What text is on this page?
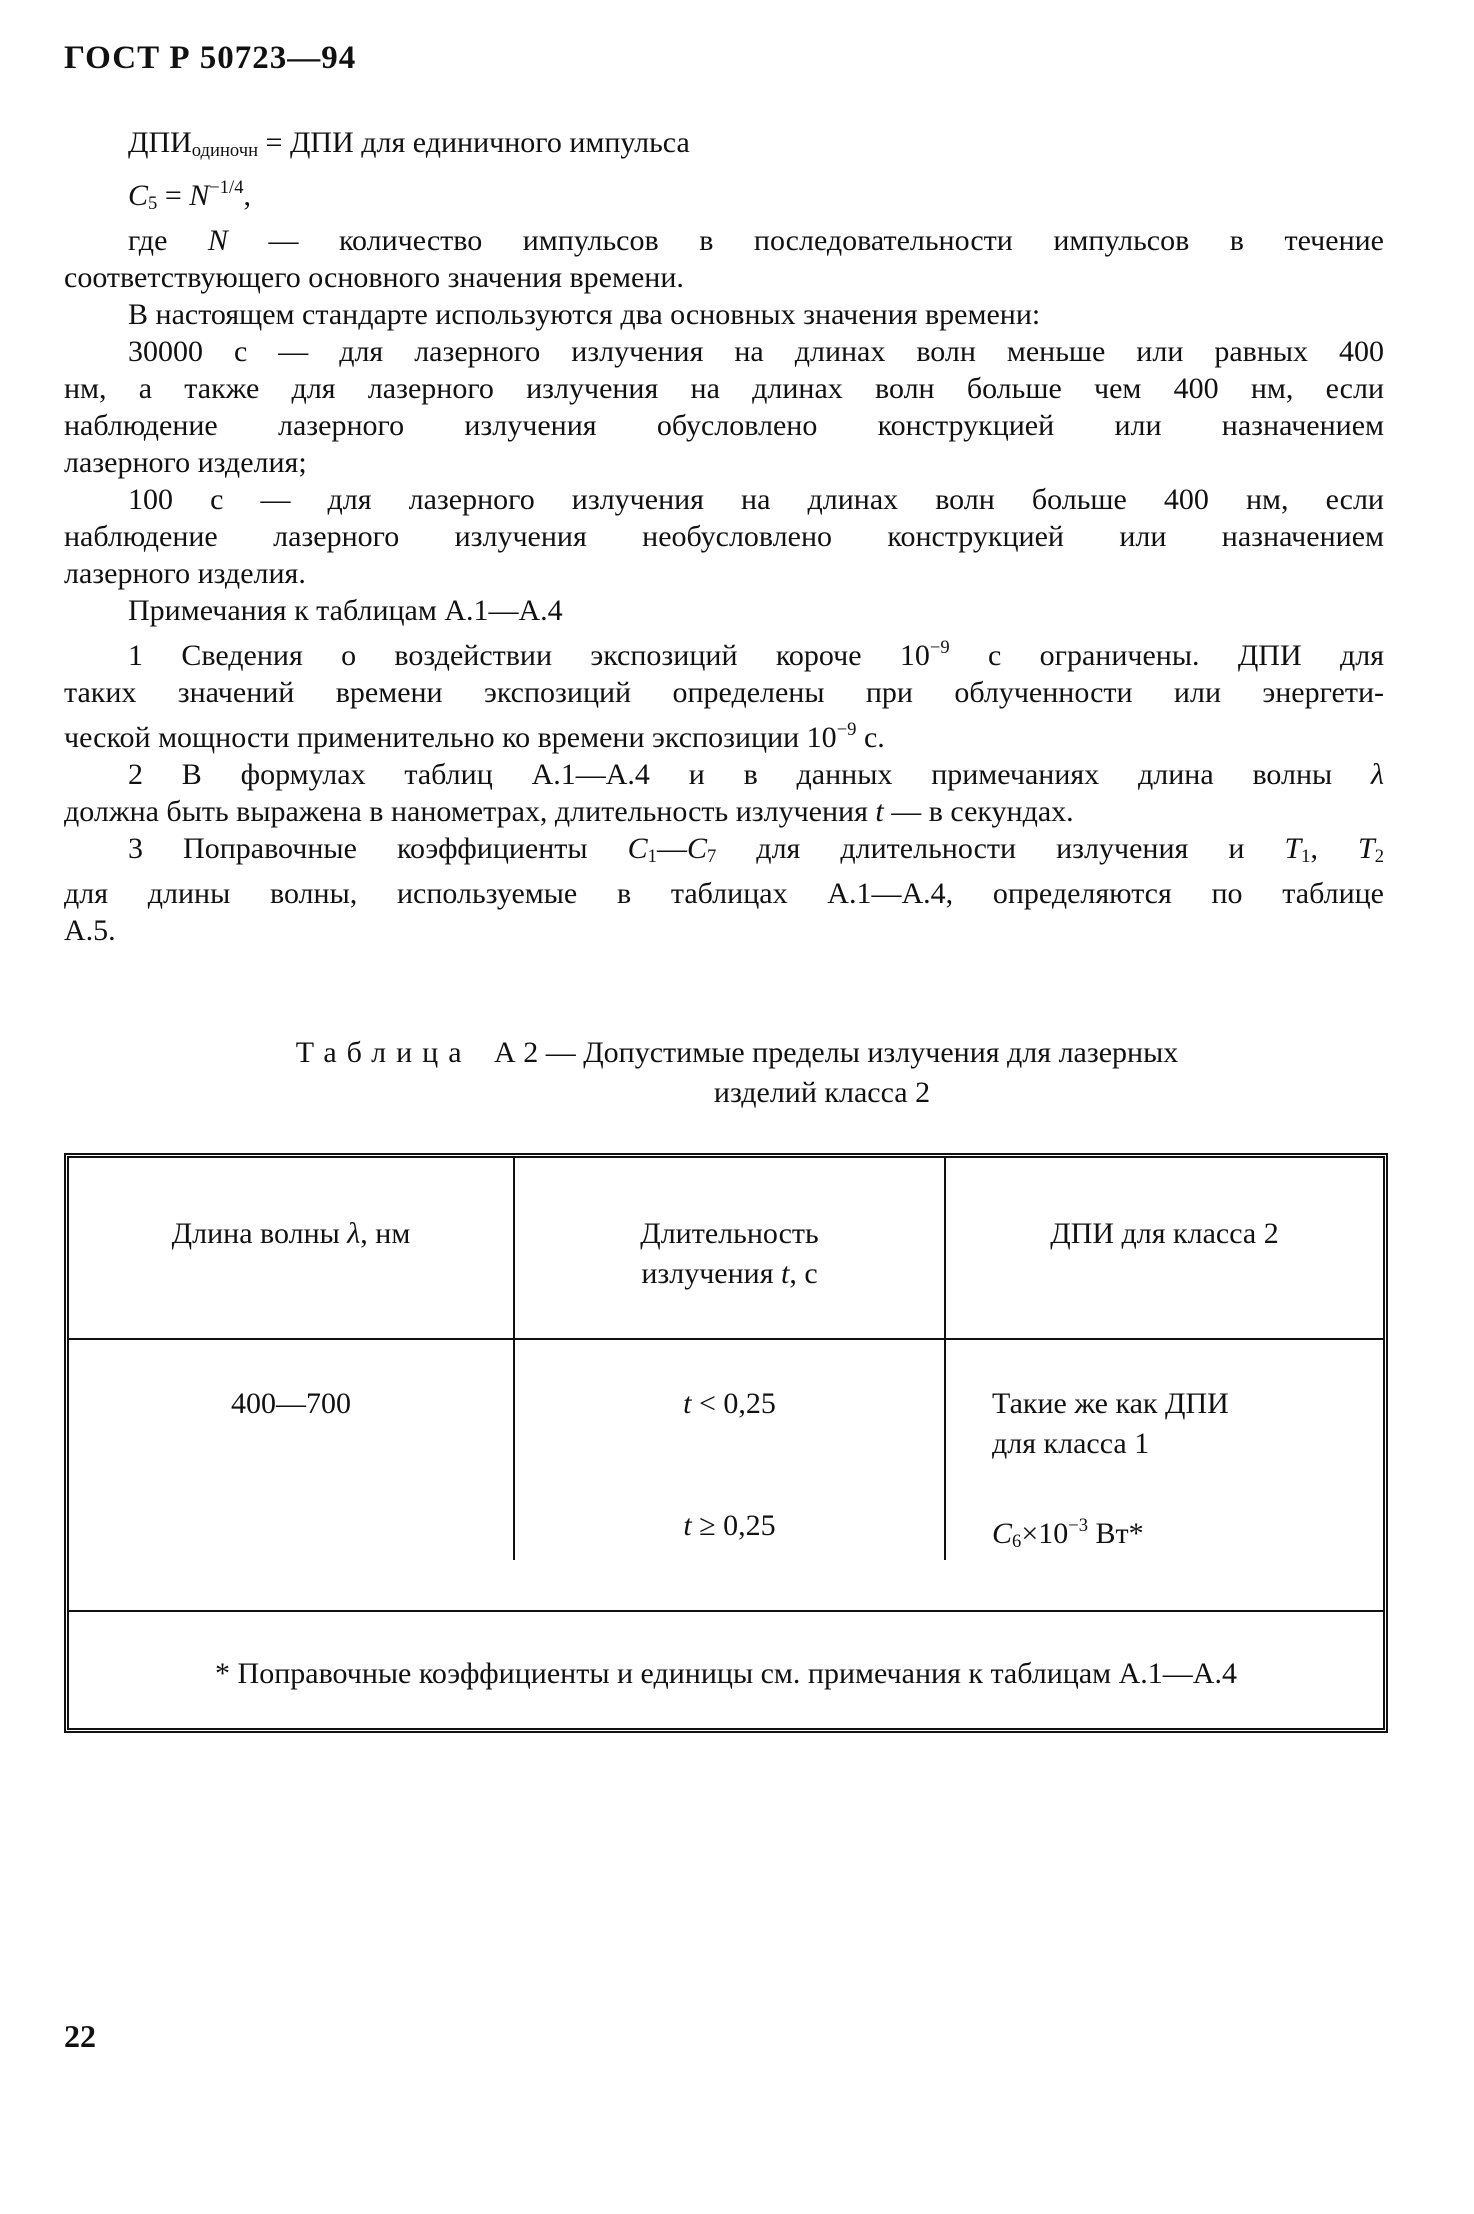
ГОСТ Р 50723—94
$ДПИ_{одиночн}$ = ДПИ для единичного импульса
$C_5 = N^{-1/4}$,
где N — количество импульсов в последовательности импульсов в течение
соответствующего основного значения времени.
В настоящем стандарте используются два основных значения времени:
30000 с — для лазерного излучения на длинах волн меньше или равных 400
нм, а также для лазерного излучения на длинах волн больше чем 400 нм, если
наблюдение лазерного излучения обусловлено конструкцией или назначением
лазерного изделия;
100 с — для лазерного излучения на длинах волн больше 400 нм, если
наблюдение лазерного излучения необусловлено конструкцией или назначением
лазерного изделия.
Примечания к таблицам А.1—А.4
1 Сведения о воздействии экспозиций короче $10^{-9}$ с ограничены. ДПИ для
таких значений времени экспозиций определены при облученности или энергети-
ческой мощности применительно ко времени экспозиции $10^{-9}$ с.
2 В формулах таблиц А.1—А.4 и в данных примечаниях длина волны λ
должна быть выражена в нанометрах, длительность излучения t — в секундах.
3 Поправочные коэффициенты $C_1—C_7$ для длительности излучения и $T_1$, $T_2$
для длины волны, используемые в таблицах А.1—А.4, определяются по таблице
А.5.
Таблица А 2 — Допустимые пределы излучения для лазерных
изделий класса 2
Длина волны λ, нм	Длительность
излучения t, с
ДПИ для класса 2
400—700	t < 0,25
t ≥ 0,25
Такие же как ДПИ
для класса 1
$C_6\times 10^{-3}$ Вт*
* Поправочные коэффициенты и единицы см. примечания к таблицам А.1—А.4
22
